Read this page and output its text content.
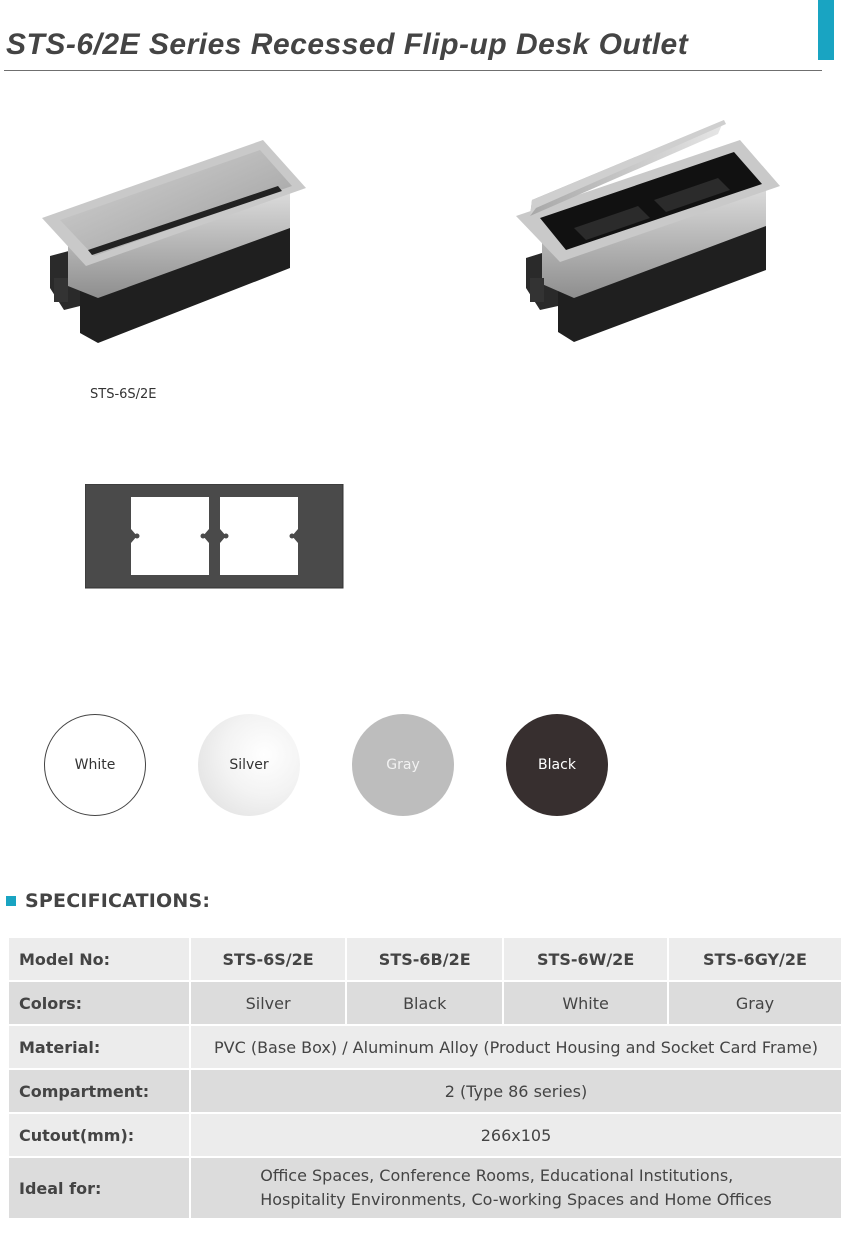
STS-6/2E Series Recessed Flip-up Desk Outlet
STS-6S/2E
White	Silver	Gray	Black
SPECIFICATIONS:
Model No:	STS-6S/2E	STS-6B/2E	STS-6W/2E	STS-6GY/2E
Colors:	Silver	Black	White	Gray
Material:	PVC (Base Box) / Aluminum Alloy (Product Housing and Socket Card Frame)			
Compartment:	2 (Type 86 series)			
Cutout(mm):	266x105			
Ideal for:	Office Spaces, Conference Rooms, Educational Institutions,
Hospitality Environments, Co-working Spaces and Home Offices			
